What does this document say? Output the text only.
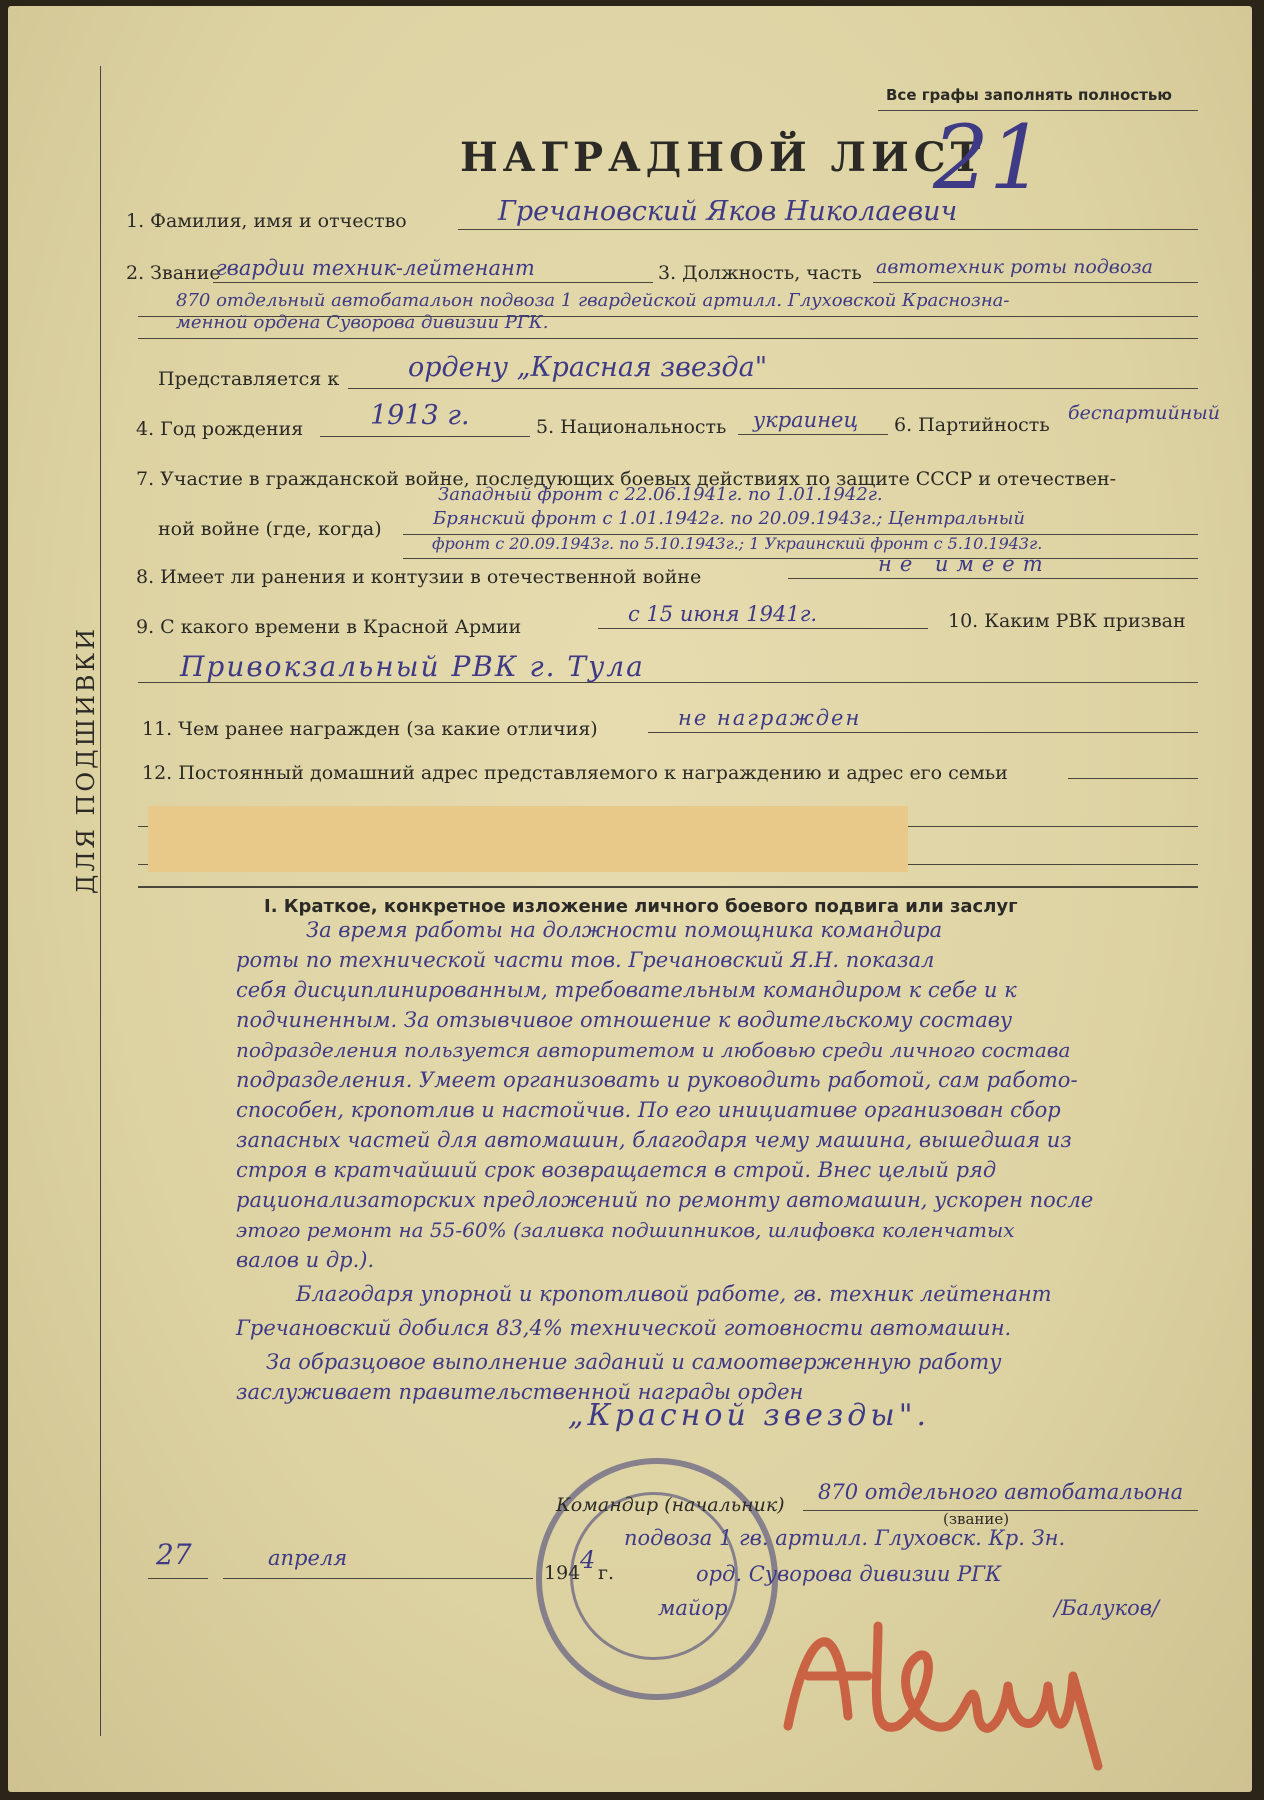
ДЛЯ ПОДШИВКИ
Все графы заполнять полностью
НАГРАДНОЙ ЛИСТ
21
1. Фамилия, имя и отчество	Гречановский Яков Николаевич
2. Звание
гвардии техник-лейтенант	3. Должность, часть автотехник роты подвоза
870 отдельный автобатальон подвоза 1 гвардейской артилл. Глуховской Краснозна-
менной ордена Суворова дивизии РГК.
Представляется к	ордену „Красная звезда"
4. Год рождения 1913 г.	5. Национальность украинец 6. Партийность
беспартийный
7. Участие в гражданской войне, последующих боевых действиях по защите СССР и отечествен-
Западный фронт с 22.06.1941г. по 1.01.1942г.
ной войне (где, когда)	Брянский фронт с 1.01.1942г. по 20.09.1943г.; Центральный
фронт с 20.09.1943г. по 5.10.1943г.; 1 Украинский фронт с 5.10.1943г.
8. Имеет ли ранения и контузии в отечественной войне
не имеет
9. С какого времени в Красной Армии
с 15 июня 1941г.	10. Каким РВК призван
Привокзальный РВК г. Тула
11. Чем ранее награжден (за какие отличия)	не награжден
12. Постоянный домашний адрес представляемого к награждению и адрес его семьи
I. Краткое, конкретное изложение личного боевого подвига или заслуг
За время работы на должности помощника командира
роты по технической части тов. Гречановский Я.Н. показал
себя дисциплинированным, требовательным командиром к себе и к
подчиненным. За отзывчивое отношение к водительскому составу
подразделения пользуется авторитетом и любовью среди личного состава
подразделения. Умеет организовать и руководить работой, сам работо-
способен, кропотлив и настойчив. По его инициативе организован сбор
запасных частей для автомашин, благодаря чему машина, вышедшая из
строя в кратчайший срок возвращается в строй. Внес целый ряд
рационализаторских предложений по ремонту автомашин, ускорен после
этого ремонт на 55-60% (заливка подшипников, шлифовка коленчатых
валов и др.).
Благодаря упорной и кропотливой работе, гв. техник лейтенант
Гречановский добился 83,4% технической готовности автомашин.
За образцовое выполнение заданий и самоотверженную работу
заслуживает правительственной награды орден
„Красной звезды".
Командир (начальник)
870 отдельного автобатальона
(звание)
подвоза 1 гв. артилл. Глуховск. Кр. Зн.
орд. Суворова дивизии РГК
майор	/Балуков/
27	апреля
194 4 г.
